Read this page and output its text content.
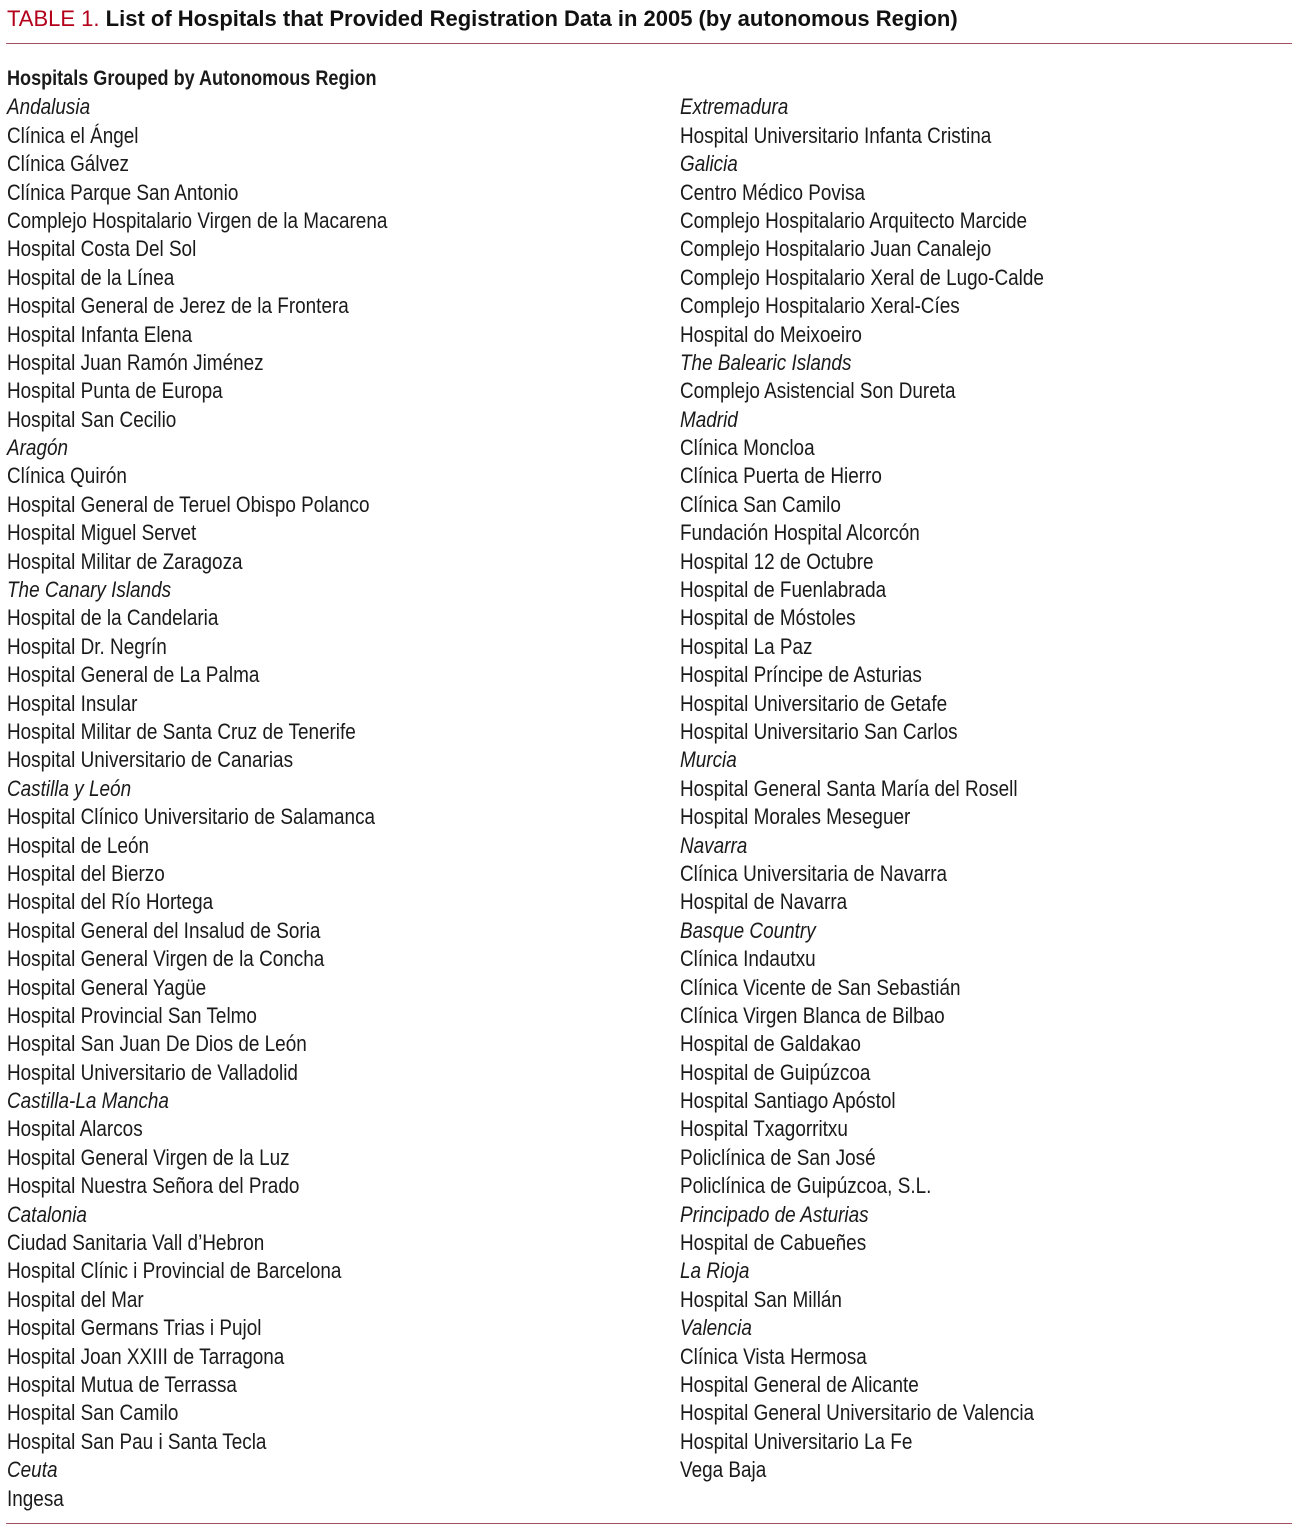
TABLE 1. List of Hospitals that Provided Registration Data in 2005 (by autonomous Region)
Hospitals Grouped by Autonomous Region
Andalusia
Clínica el Ángel
Clínica Gálvez
Clínica Parque San Antonio
Complejo Hospitalario Virgen de la Macarena
Hospital Costa Del Sol
Hospital de la Línea
Hospital General de Jerez de la Frontera
Hospital Infanta Elena
Hospital Juan Ramón Jiménez
Hospital Punta de Europa
Hospital San Cecilio
Aragón
Clínica Quirón
Hospital General de Teruel Obispo Polanco
Hospital Miguel Servet
Hospital Militar de Zaragoza
The Canary Islands
Hospital de la Candelaria
Hospital Dr. Negrín
Hospital General de La Palma
Hospital Insular
Hospital Militar de Santa Cruz de Tenerife
Hospital Universitario de Canarias
Castilla y León
Hospital Clínico Universitario de Salamanca
Hospital de León
Hospital del Bierzo
Hospital del Río Hortega
Hospital General del Insalud de Soria
Hospital General Virgen de la Concha
Hospital General Yagüe
Hospital Provincial San Telmo
Hospital San Juan De Dios de León
Hospital Universitario de Valladolid
Castilla-La Mancha
Hospital Alarcos
Hospital General Virgen de la Luz
Hospital Nuestra Señora del Prado
Catalonia
Ciudad Sanitaria Vall d’Hebron
Hospital Clínic i Provincial de Barcelona
Hospital del Mar
Hospital Germans Trias i Pujol
Hospital Joan XXIII de Tarragona
Hospital Mutua de Terrassa
Hospital San Camilo
Hospital San Pau i Santa Tecla
Ceuta
Ingesa
Extremadura
Hospital Universitario Infanta Cristina
Galicia
Centro Médico Povisa
Complejo Hospitalario Arquitecto Marcide
Complejo Hospitalario Juan Canalejo
Complejo Hospitalario Xeral de Lugo-Calde
Complejo Hospitalario Xeral-Cíes
Hospital do Meixoeiro
The Balearic Islands
Complejo Asistencial Son Dureta
Madrid
Clínica Moncloa
Clínica Puerta de Hierro
Clínica San Camilo
Fundación Hospital Alcorcón
Hospital 12 de Octubre
Hospital de Fuenlabrada
Hospital de Móstoles
Hospital La Paz
Hospital Príncipe de Asturias
Hospital Universitario de Getafe
Hospital Universitario San Carlos
Murcia
Hospital General Santa María del Rosell
Hospital Morales Meseguer
Navarra
Clínica Universitaria de Navarra
Hospital de Navarra
Basque Country
Clínica Indautxu
Clínica Vicente de San Sebastián
Clínica Virgen Blanca de Bilbao
Hospital de Galdakao
Hospital de Guipúzcoa
Hospital Santiago Apóstol
Hospital Txagorritxu
Policlínica de San José
Policlínica de Guipúzcoa, S.L.
Principado de Asturias
Hospital de Cabueñes
La Rioja
Hospital San Millán
Valencia
Clínica Vista Hermosa
Hospital General de Alicante
Hospital General Universitario de Valencia
Hospital Universitario La Fe
Vega Baja
